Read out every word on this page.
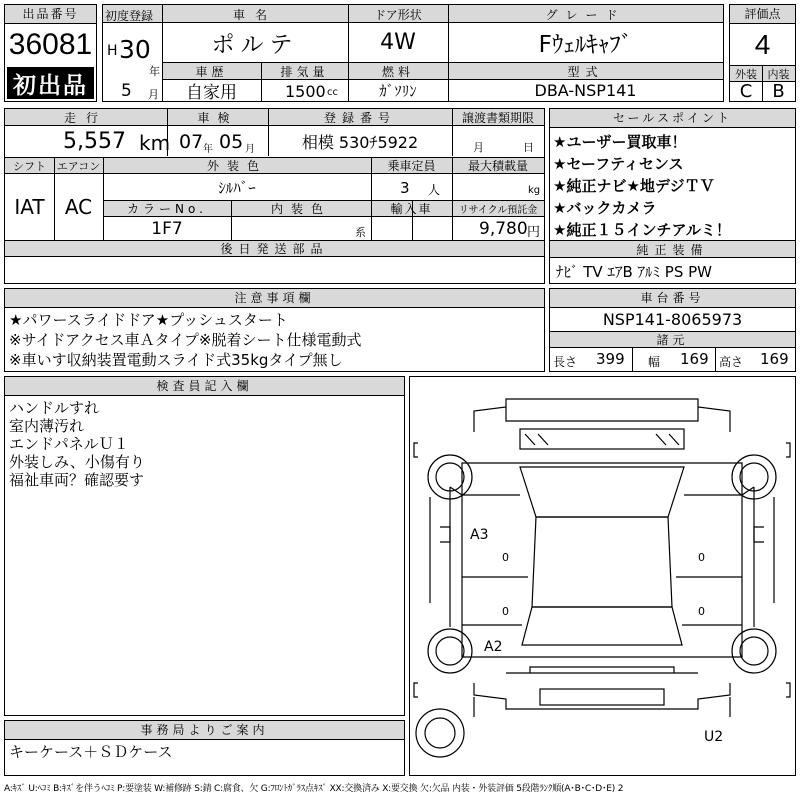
出品番号
36081
初出品
初度登録
H 30
年
5 月
車名
ポルテ
ドア形状
4W
グレード
Fｳｪﾙｷｬﾌﾞ
車歴
自家用
排気量
1500 cc
燃料
ｶﾞｿﾘﾝ
型式
DBA-NSP141
評価点
4
外装 内装
C	B
走行
5,557 km
車検
07 年 05 月
登録番号
相模 530ﾁ5922
譲渡書類期限
月	日
シフト
IAT
エアコン
AC
外装色
ｼﾙﾊﾞｰ
乗車定員
3 人
最大積載量
kg
カラーNo.
1F7
内装色
系
輸入車	リサイクル預託金
9,780 円
後日発送部品
セールスポイント
★ユーザー買取車！
★セーフティセンス
★純正ナビ★地デジＴＶ
★バックカメラ
★純正１５インチアルミ！
純正装備
ﾅﾋﾞ TV ｴｱB ｱﾙﾐ PS PW
注意事項欄
★パワースライドドア★プッシュスタート
※サイドアクセス車Ａタイプ※脱着シート仕様電動式
※車いす収納装置電動スライド式35kgタイプ無し
車台番号
NSP141-8065973
諸元
長さ 399 幅 169 高さ 169
検査員記入欄
ハンドルすれ
室内薄汚れ
エンドパネルＵ１
外装しみ、小傷有り
福祉車両？確認要す
事務局よりご案内
キーケース＋ＳＤケース
A3
A2
U2
0	0
0	0
A:ｷｽﾞ U:ﾍｺﾐ B:ｷｽﾞを伴うﾍｺﾐ P:要塗装 W:補修跡 S:錆 C:腐食、欠 G:ﾌﾛﾝﾄｶﾞﾗｽ点ｷｽﾞ XX:交換済み X:要交換 欠:欠品 内装・外装評価 5段階ﾗﾝｸ順(A･B･C･D･E) 2
